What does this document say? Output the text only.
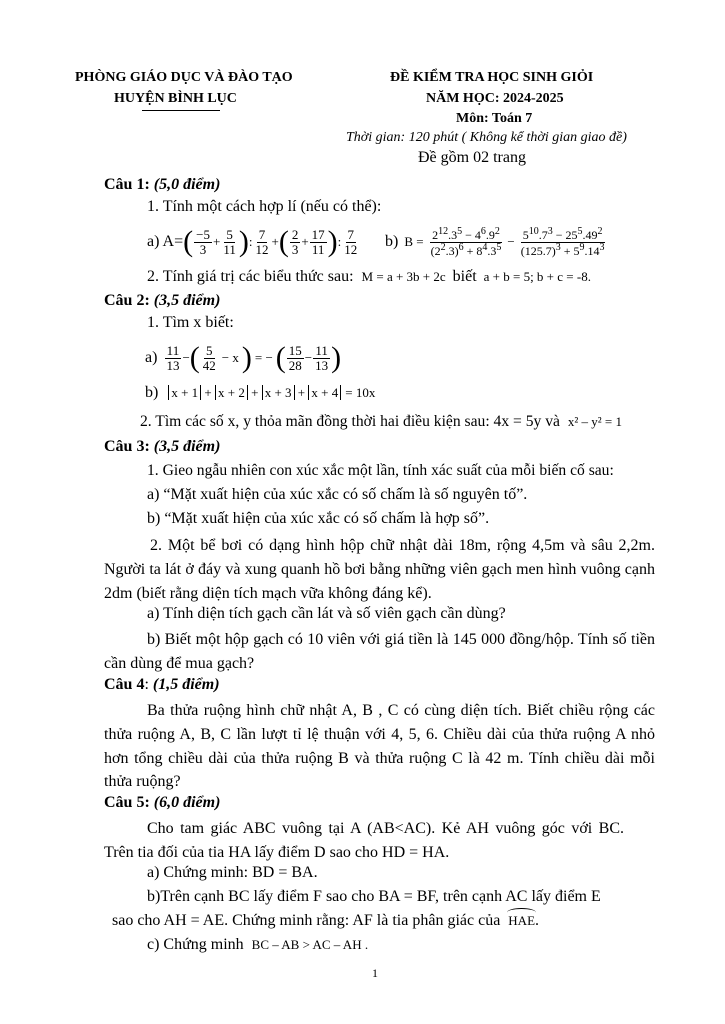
PHÒNG GIÁO DỤC VÀ ĐÀO TẠO
HUYỆN BÌNH LỤC
ĐỀ KIỂM TRA HỌC SINH GIỎI
NĂM HỌC: 2024-2025
Môn: Toán 7
Thời gian: 120 phút ( Không kể thời gian giao đề)
Đề gồm 02 trang
Câu 1: (5,0 điểm)
1. Tính một cách hợp lí (nếu có thể):
a) A= ( $\frac{-5}{3} + \frac{5}{11}$ ) : $\frac{7}{12}$ + ( $\frac{2}{3} + \frac{17}{11}$ ) : $\frac{7}{12} b$) $B = \frac{2^{12}.3^5 - 4^6.9^2}{(2^2.3)^6 + 8^4.3^5} - \frac{5^{10}.7^3 - 25^5.49^2}{(125.7)^3 + 5^9.14^3}$
2. Tính giá trị các biểu thức sau: M = a + 3b + 2c biết a + b = 5; b + c = -8.
Câu 2: (3,5 điểm)
1. Tìm x biết:
$a) \frac{11}{13}$ − ( $\frac{5}{42} - x$ ) = − ( $\frac{15}{28} - \frac{11}{13}$ )
b) x + 1 + x + 2 + x + 3 + x + 4 = 10x
2. Tìm các số x, y thỏa mãn đồng thời hai điều kiện sau: 4x = 5y và x² – y² = 1
Câu 3: (3,5 điểm)
1. Gieo ngẫu nhiên con xúc xắc một lần, tính xác suất của mỗi biến cố sau:
a) “Mặt xuất hiện của xúc xắc có số chấm là số nguyên tố”.
b) “Mặt xuất hiện của xúc xắc có số chấm là hợp số”.
2. Một bể bơi có dạng hình hộp chữ nhật dài 18m, rộng 4,5m và sâu 2,2m. Người ta lát ở đáy và xung quanh hồ bơi bằng những viên gạch men hình vuông cạnh 2dm (biết rằng diện tích mạch vữa không đáng kể).
a) Tính diện tích gạch cần lát và số viên gạch cần dùng?
b) Biết một hộp gạch có 10 viên với giá tiền là 145 000 đồng/hộp. Tính số tiền cần dùng để mua gạch?
Câu 4: (1,5 điểm)
Ba thửa ruộng hình chữ nhật A, B , C có cùng diện tích. Biết chiều rộng các thửa ruộng A, B, C lần lượt tỉ lệ thuận với 4, 5, 6. Chiều dài của thửa ruộng A nhỏ hơn tổng chiều dài của thửa ruộng B và thửa ruộng C là 42 m. Tính chiều dài mỗi thửa ruộng?
Câu 5: (6,0 điểm)
Cho tam giác ABC vuông tại A (AB<AC). Kẻ AH vuông góc với BC. Trên tia đối của tia HA lấy điểm D sao cho HD = HA.
a) Chứng minh: BD = BA.
b)Trên cạnh BC lấy điểm F sao cho BA = BF, trên cạnh AC lấy điểm E
sao cho AH = AE. Chứng minh rằng: AF là tia phân giác của HAE.
c) Chứng minh BC – AB > AC – AH .
1
